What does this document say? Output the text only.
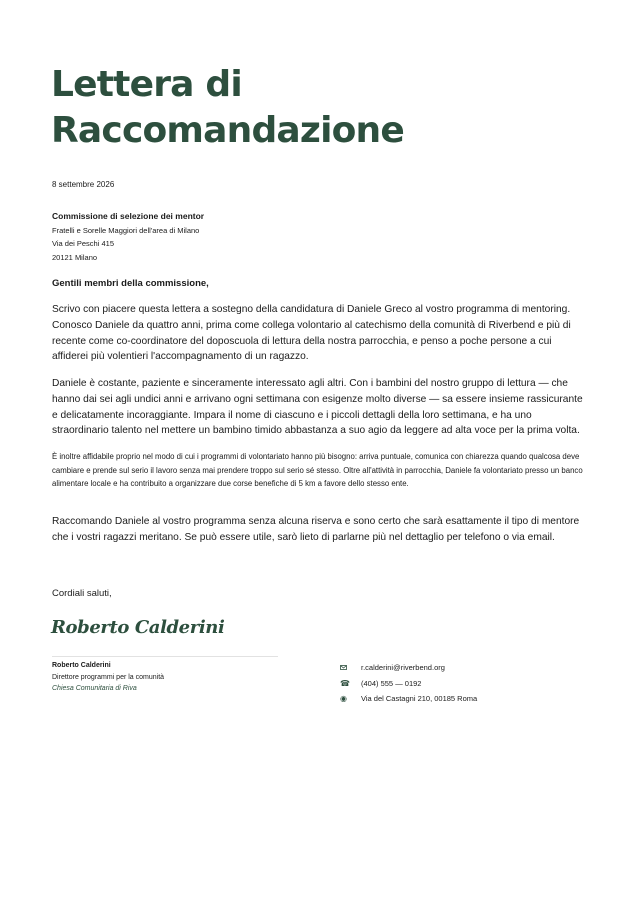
Lettera di Raccomandazione
8 settembre 2026
Commissione di selezione dei mentor
Fratelli e Sorelle Maggiori dell'area di Milano
Via dei Peschi 415
20121 Milano
Gentili membri della commissione,

Scrivo con piacere questa lettera a sostegno della candidatura di Daniele Greco al vostro programma di mentoring. Conosco Daniele da quattro anni, prima come collega volontario al catechismo della comunità di Riverbend e più di recente come co-coordinatore del doposcuola di lettura della nostra parrocchia, e penso a poche persone a cui affiderei più volentieri l'accompagnamento di un ragazzo.

Daniele è costante, paziente e sinceramente interessato agli altri. Con i bambini del nostro gruppo di lettura — che hanno dai sei agli undici anni e arrivano ogni settimana con esigenze molto diverse — sa essere insieme rassicurante e delicatamente incoraggiante. Impara il nome di ciascuno e i piccoli dettagli della loro settimana, e ha uno straordinario talento nel mettere un bambino timido abbastanza a suo agio da leggere ad alta voce per la prima volta.

È inoltre affidabile proprio nel modo di cui i programmi di volontariato hanno più bisogno: arriva puntuale, comunica con chiarezza quando qualcosa deve cambiare e prende sul serio il lavoro senza mai prendere troppo sul serio sé stesso. Oltre all'attività in parrocchia, Daniele fa volontariato presso un banco alimentare locale e ha contribuito a organizzare due corse benefiche di 5 km a favore dello stesso ente.

Raccomando Daniele al vostro programma senza alcuna riserva e sono certo che sarà esattamente il tipo di mentore che i vostri ragazzi meritano. Se può essere utile, sarò lieto di parlarne più nel dettaglio per telefono o via email.

Cordiali saluti,
Roberto Calderini
Roberto Calderini
Direttore programmi per la comunità
Chiesa Comunitaria di Riva
r.calderini@riverbend.org
☎	(404) 555 — 0192
◉	Via del Castagni 210, 00185 Roma
